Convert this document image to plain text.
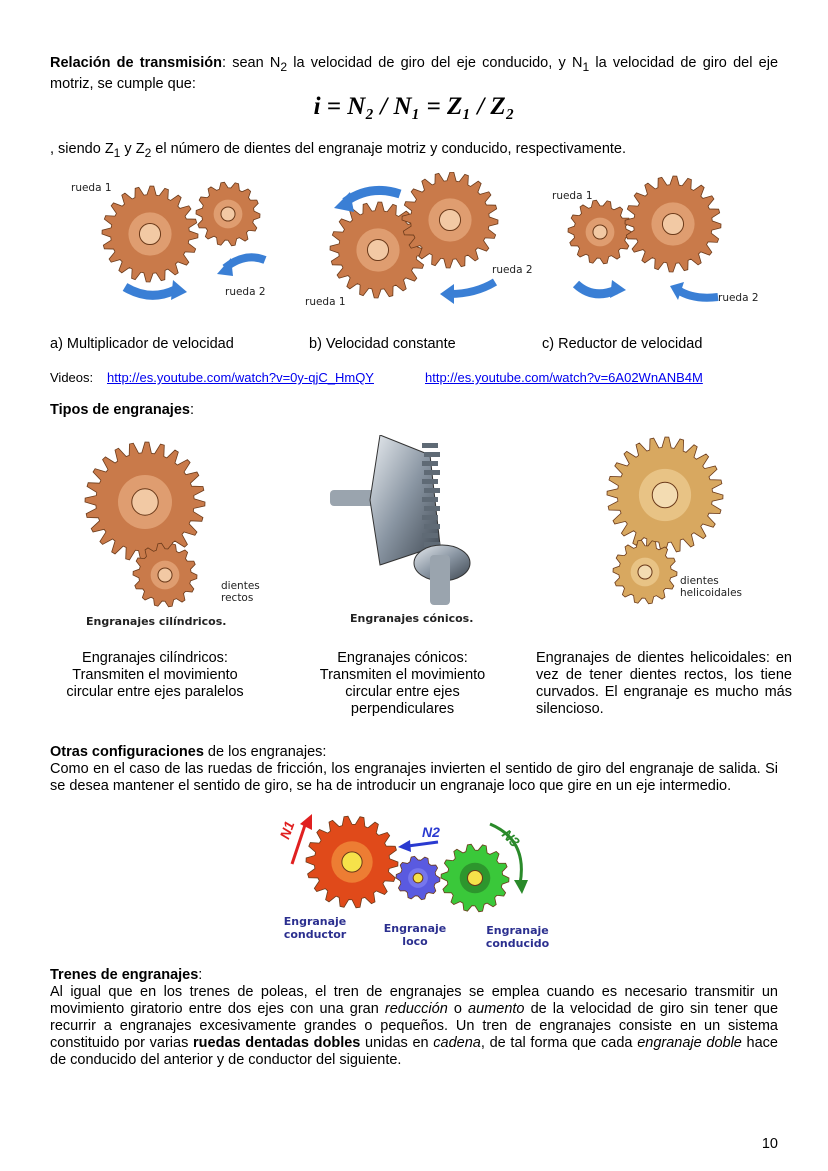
Relación de transmisión: sean $N_2$ la velocidad de giro del eje conducido, y $N_1$ la velocidad de giro del eje motriz, se cumple que:
i = N₂ / N₁ = Z₁ / Z₂
, siendo $Z_1$ y $Z_2$ el número de dientes del engranaje motriz y conducido, respectivamente.
rueda 1
rueda 2
rueda 1
rueda 2
rueda 1
rueda 2
a) Multiplicador de velocidad	b) Velocidad constante	c) Reductor de velocidad
Videos: http://es.youtube.com/watch?v=0y-qjC_HmQY	http://es.youtube.com/watch?v=6A02WnANB4M
Tipos de engranajes:
dientes rectos
Engranajes cilíndricos.	Engranajes cónicos.
dientes helicoidales
Engranajes cilíndricos: Transmiten el movimiento circular entre ejes paralelos
Engranajes cónicos: Transmiten el movimiento circular entre ejes perpendiculares
Engranajes de dientes helicoidales: en vez de tener dientes rectos, los tiene curvados. El engranaje es mucho más silencioso.
Otras configuraciones de los engranajes:
Como en el caso de las ruedas de fricción, los engranajes invierten el sentido de giro del engranaje de salida. Si se desea mantener el sentido de giro, se ha de introducir un engranaje loco que gire en un eje intermedio.
N1	N2	N3
Engranaje conductor	Engranaje loco
Engranaje conducido
Trenes de engranajes:
Al igual que en los trenes de poleas, el tren de engranajes se emplea cuando es necesario transmitir un movimiento giratorio entre dos ejes con una gran reducción o aumento de la velocidad de giro sin tener que recurrir a engranajes excesivamente grandes o pequeños. Un tren de engranajes consiste en un sistema constituido por varias ruedas dentadas dobles unidas en cadena, de tal forma que cada engranaje doble hace de conducido del anterior y de conductor del siguiente.
10
